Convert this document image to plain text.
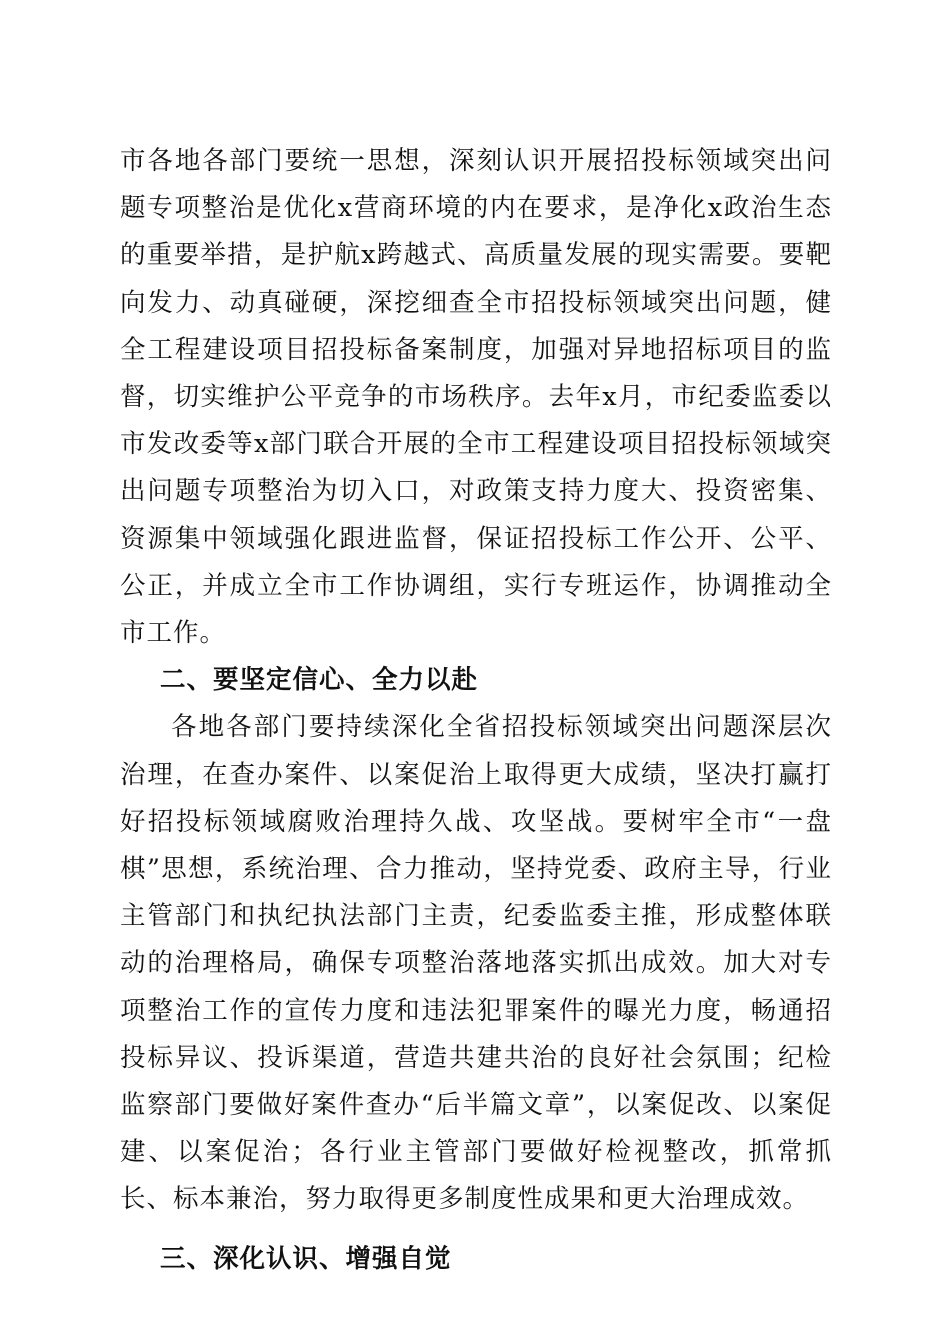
市各地各部门要统一思想，深刻认识开展招投标领域突出问题专项整治是优化x营商环境的内在要求，是净化x政治生态的重要举措，是护航x跨越式、高质量发展的现实需要。要靶向发力、动真碰硬，深挖细查全市招投标领域突出问题，健全工程建设项目招投标备案制度，加强对异地招标项目的监督，切实维护公平竞争的市场秩序。去年x月，市纪委监委以市发改委等x部门联合开展的全市工程建设项目招投标领域突出问题专项整治为切入口，对政策支持力度大、投资密集、资源集中领域强化跟进监督，保证招投标工作公开、公平、公正，并成立全市工作协调组，实行专班运作，协调推动全市工作。

二、要坚定信心、全力以赴

各地各部门要持续深化全省招投标领域突出问题深层次治理，在查办案件、以案促治上取得更大成绩，坚决打赢打好招投标领域腐败治理持久战、攻坚战。要树牢全市“一盘棋”思想，系统治理、合力推动，坚持党委、政府主导，行业主管部门和执纪执法部门主责，纪委监委主推，形成整体联动的治理格局，确保专项整治落地落实抓出成效。加大对专项整治工作的宣传力度和违法犯罪案件的曝光力度，畅通招投标异议、投诉渠道，营造共建共治的良好社会氛围；纪检监察部门要做好案件查办“后半篇文章”，以案促改、以案促建、以案促治；各行业主管部门要做好检视整改，抓常抓长、标本兼治，努力取得更多制度性成果和更大治理成效。

三、深化认识、增强自觉
